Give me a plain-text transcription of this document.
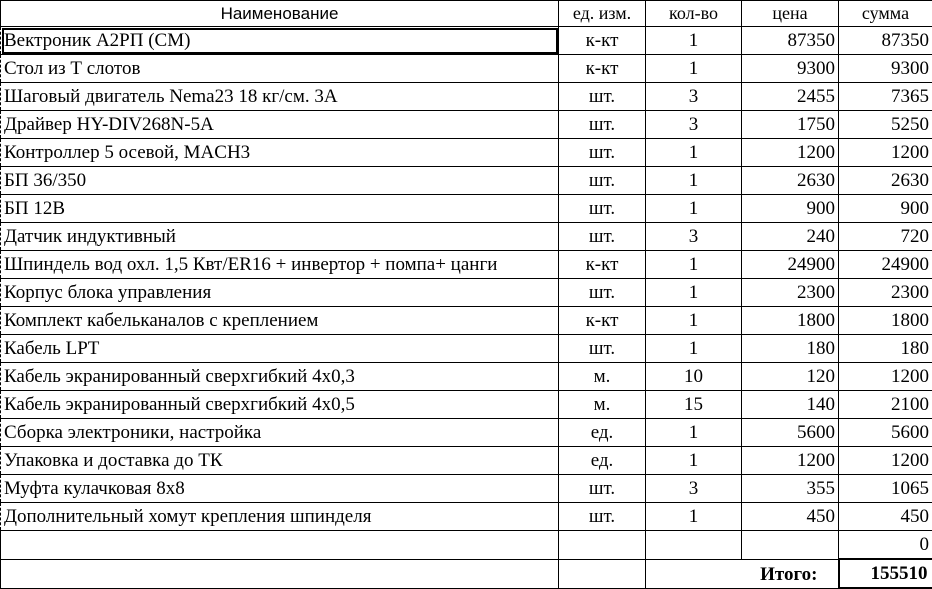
Наименование	ед. изм.	кол-во	цена	сумма
Вектроник А2РП (СМ)	к-кт	1	87350	87350
Стол из Т слотов	к-кт	1	9300	9300
Шаговый двигатель Nema23 18 кг/см. 3А	шт.	3	2455	7365
Драйвер HY-DIV268N-5A	шт.	3	1750	5250
Контроллер 5 осевой, MACH3	шт.	1	1200	1200
БП 36/350	шт.	1	2630	2630
БП 12В	шт.	1	900	900
Датчик индуктивный	шт.	3	240	720
Шпиндель вод охл. 1,5 Квт/ER16 + инвертор + помпа+ цанги	к-кт	1	24900	24900
Корпус блока управления	шт.	1	2300	2300
Комплект кабельканалов с креплением	к-кт	1	1800	1800
Кабель LPT	шт.	1	180	180
Кабель экранированный сверхгибкий 4х0,3	м.	10	120	1200
Кабель экранированный сверхгибкий 4х0,5	м.	15	140	2100
Сборка электроники, настройка	ед.	1	5600	5600
Упаковка и доставка до ТК	ед.	1	1200	1200
Муфта кулачковая 8х8	шт.	3	355	1065
Дополнительный хомут крепления шпинделя	шт.	1	450	450
				0
		Итого:		155510
